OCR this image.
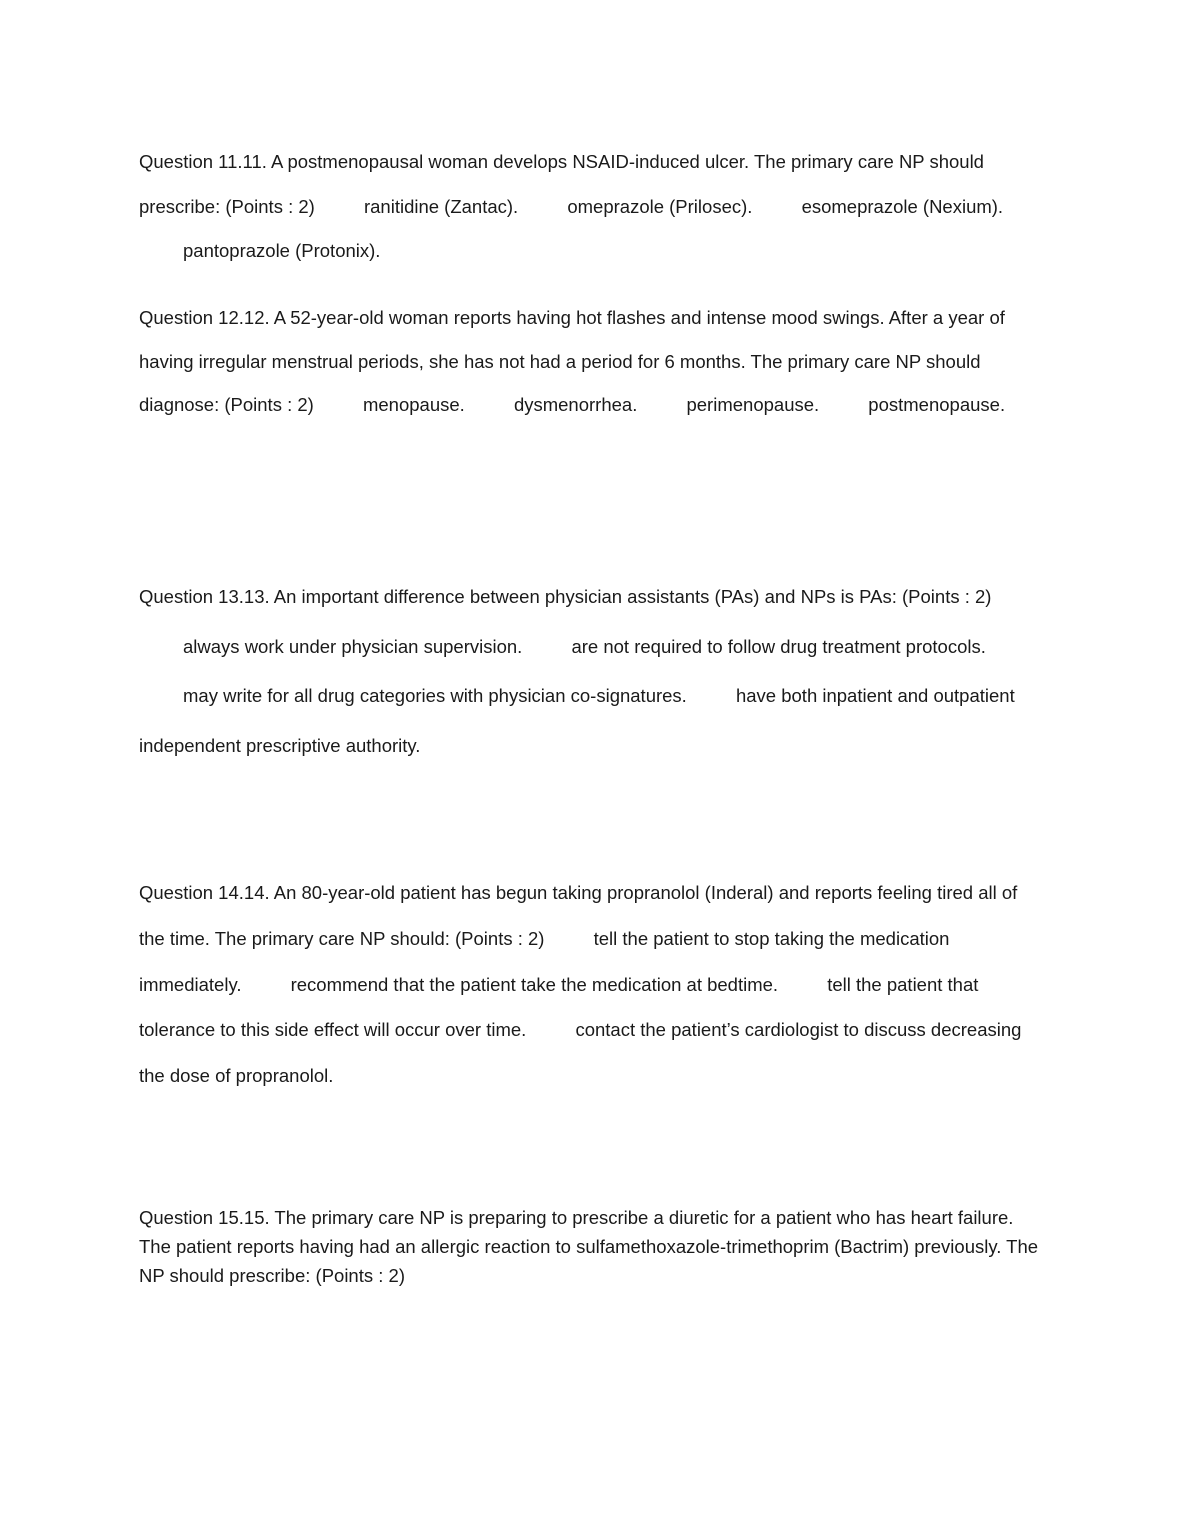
Question 11.11. A postmenopausal woman develops NSAID-induced ulcer. The primary care NP should prescribe: (Points : 2)	ranitidine (Zantac).	omeprazole (Prilosec).	esomeprazole (Nexium). pantoprazole (Protonix).

Question 12.12. A 52-year-old woman reports having hot flashes and intense mood swings. After a year of having irregular menstrual periods, she has not had a period for 6 months. The primary care NP should diagnose: (Points : 2)	menopause.	dysmenorrhea.	perimenopause.	postmenopause.

Question 13.13. An important difference between physician assistants (PAs) and NPs is PAs: (Points : 2) always work under physician supervision.	are not required to follow drug treatment protocols. may write for all drug categories with physician co-signatures.	have both inpatient and outpatient independent prescriptive authority.

Question 14.14. An 80-year-old patient has begun taking propranolol (Inderal) and reports feeling tired all of the time. The primary care NP should: (Points : 2)	tell the patient to stop taking the medication immediately.	recommend that the patient take the medication at bedtime.	tell the patient that tolerance to this side effect will occur over time.	contact the patient’s cardiologist to discuss decreasing the dose of propranolol.

Question 15.15. The primary care NP is preparing to prescribe a diuretic for a patient who has heart failure. The patient reports having had an allergic reaction to sulfamethoxazole-trimethoprim (Bactrim) previously. The NP should prescribe: (Points : 2)
